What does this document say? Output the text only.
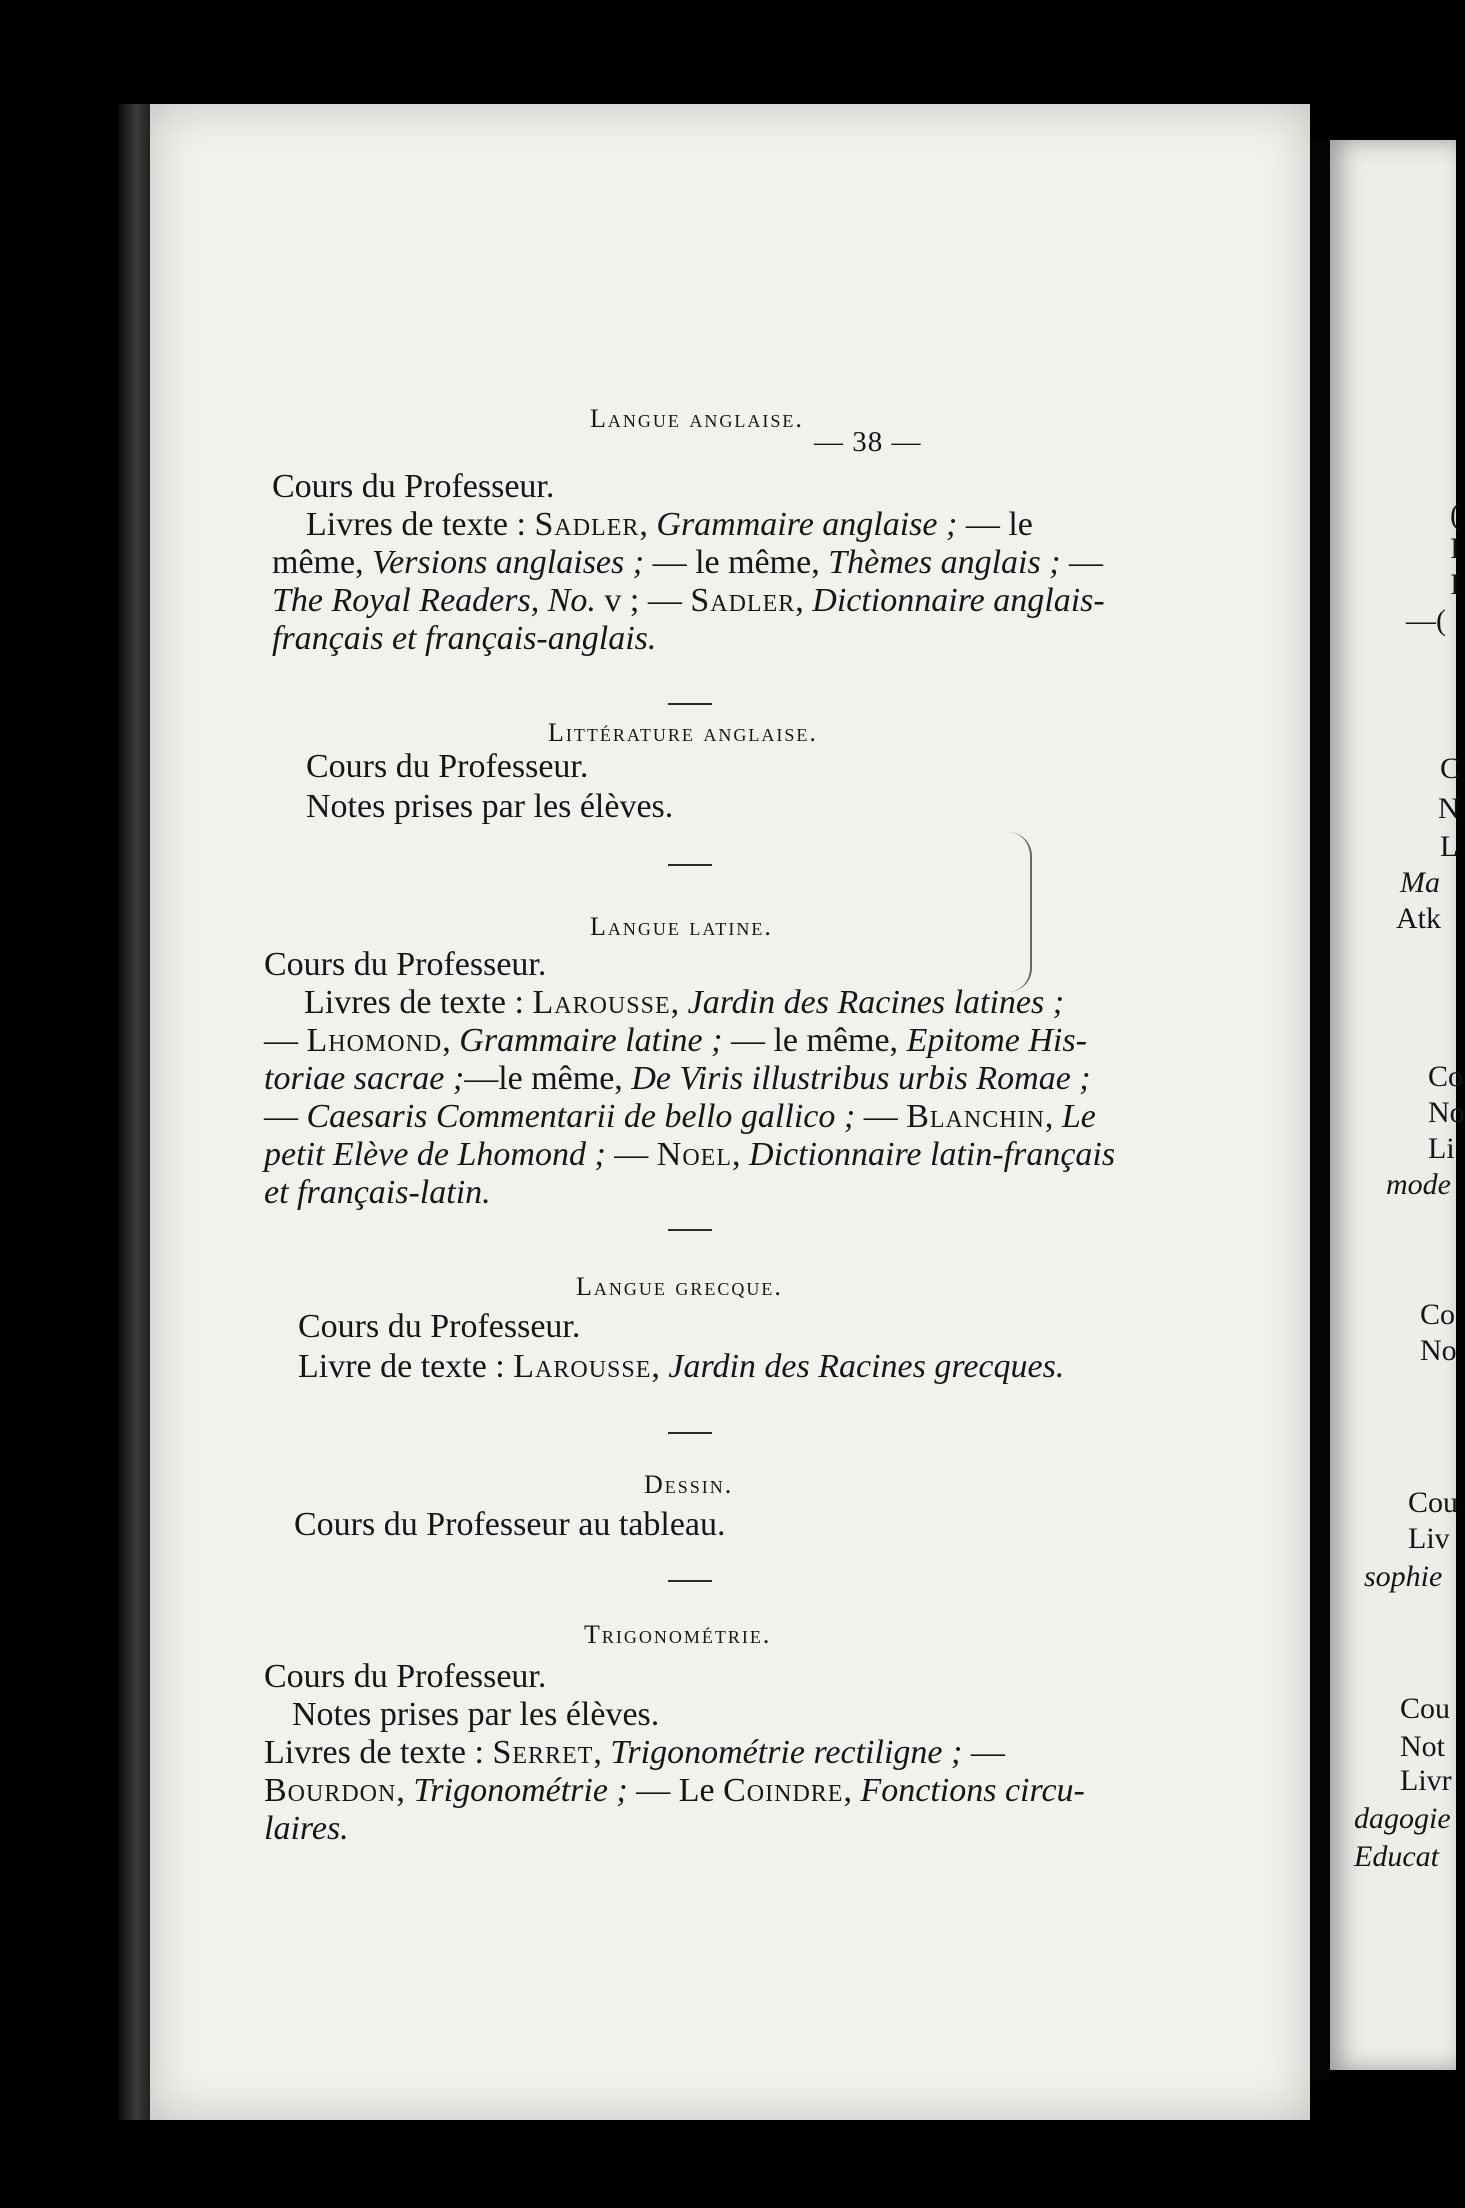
— 38 —
Langue anglaise.
Cours du Professeur.
Livres de texte : Sadler, Grammaire anglaise ; — le
même, Versions anglaises ; — le même, Thèmes anglais ; —
The Royal Readers, No. v ; — Sadler, Dictionnaire anglais-
français et français-anglais.
Littérature anglaise.
Cours du Professeur.
Notes prises par les élèves.
Langue latine.
Cours du Professeur.
Livres de texte : Larousse, Jardin des Racines latines ;
— Lhomond, Grammaire latine ; — le même, Epitome His-
toriae sacrae ;—le même, De Viris illustribus urbis Romae ;
— Caesaris Commentarii de bello gallico ; — Blanchin, Le
petit Elève de Lhomond ; — Noel, Dictionnaire latin-français
et français-latin.
Langue grecque.
Cours du Professeur.
Livre de texte : Larousse, Jardin des Racines grecques.
Dessin.
Cours du Professeur au tableau.
Trigonométrie.
Cours du Professeur.
Notes prises par les élèves.
Livres de texte : Serret, Trigonométrie rectiligne ; —
Bourdon, Trigonométrie ; — Le Coindre, Fonctions circu-
laires.
(
I
I
—(
C
N
L
Ma
Atk
Co
No
Li
mode
Co
No
Cou
Liv
sophie
Cou
Not
Livr
dagogie
Educat
